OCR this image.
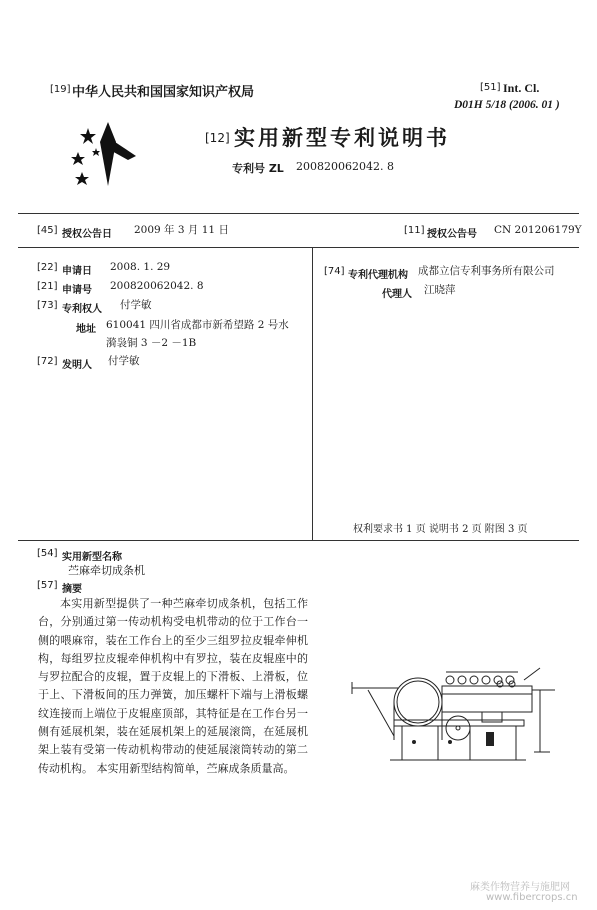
[19] 中华人民共和国国家知识产权局	[51] Int. Cl.
D01H 5/18 (2006. 01 )
[12] 实用新型专利说明书
专利号 ZL 200820062042. 8
[45] 授权公告日 2009 年 3 月 11 日	[11] 授权公告号 CN 201206179Y
[22] 申请日 2008. 1. 29
[21] 申请号 200820062042. 8
[73] 专利权人 付学敏
地址 610041 四川省成都市新希望路 2 号水
漪袅铜 3 －2 －1B
[72] 发明人 付学敏
[74] 专利代理机构 成都立信专利事务所有限公司
代理人 江晓萍
权利要求书 1 页 说明书 2 页 附图 3 页
[54] 实用新型名称
苎麻牵切成条机
[57] 摘要
本实用新型提供了一种苎麻牵切成条机，包括工作台，分别通过第一传动机构受电机带动的位于工作台一侧的喂麻帘，装在工作台上的至少三组罗拉皮辊牵伸机构，每组罗拉皮辊牵伸机构中有罗拉，装在皮辊座中的与罗拉配合的皮辊，置于皮辊上的下滑板、上滑板，位于上、下滑板间的压力弹簧，加压螺杆下端与上滑板螺纹连接而上端位于皮辊座顶部，其特征是在工作台另一侧有延展机架，装在延展机架上的延展滚筒，在延展机架上装有受第一传动机构带动的使延展滚筒转动的第二传动机构。 本实用新型结构简单，苎麻成条质量高。
麻类作物营养与施肥网
www.fibercrops.cn
